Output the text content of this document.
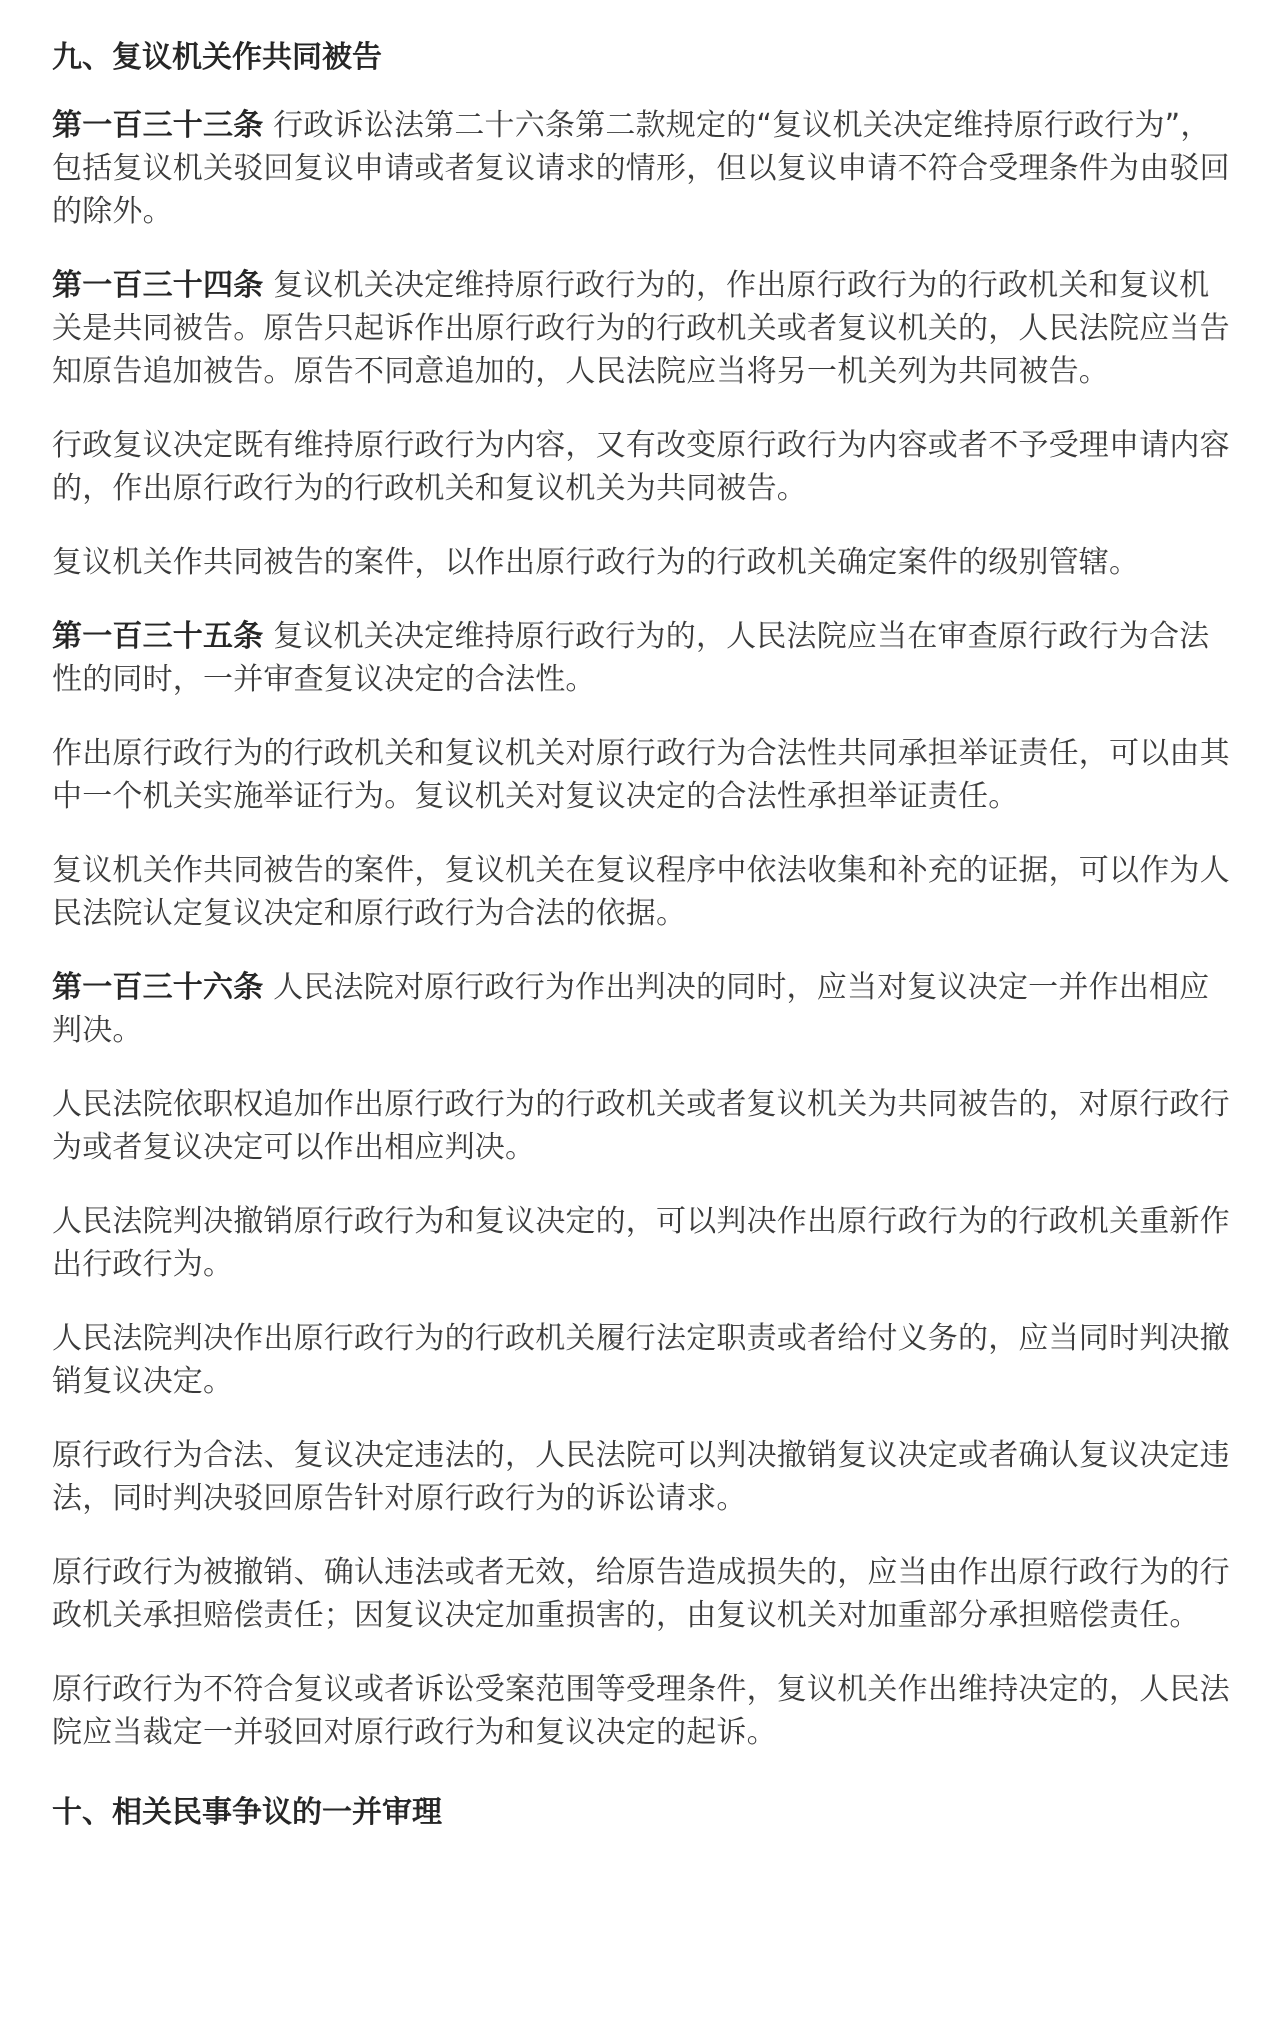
九、复议机关作共同被告

第一百三十三条 行政诉讼法第二十六条第二款规定的“复议机关决定维持原行政行为”，包括复议机关驳回复议申请或者复议请求的情形，但以复议申请不符合受理条件为由驳回的除外。

第一百三十四条 复议机关决定维持原行政行为的，作出原行政行为的行政机关和复议机关是共同被告。原告只起诉作出原行政行为的行政机关或者复议机关的，人民法院应当告知原告追加被告。原告不同意追加的，人民法院应当将另一机关列为共同被告。

行政复议决定既有维持原行政行为内容，又有改变原行政行为内容或者不予受理申请内容的，作出原行政行为的行政机关和复议机关为共同被告。

复议机关作共同被告的案件，以作出原行政行为的行政机关确定案件的级别管辖。

第一百三十五条 复议机关决定维持原行政行为的，人民法院应当在审查原行政行为合法性的同时，一并审查复议决定的合法性。

作出原行政行为的行政机关和复议机关对原行政行为合法性共同承担举证责任，可以由其中一个机关实施举证行为。复议机关对复议决定的合法性承担举证责任。

复议机关作共同被告的案件，复议机关在复议程序中依法收集和补充的证据，可以作为人民法院认定复议决定和原行政行为合法的依据。

第一百三十六条 人民法院对原行政行为作出判决的同时，应当对复议决定一并作出相应判决。

人民法院依职权追加作出原行政行为的行政机关或者复议机关为共同被告的，对原行政行为或者复议决定可以作出相应判决。

人民法院判决撤销原行政行为和复议决定的，可以判决作出原行政行为的行政机关重新作出行政行为。

人民法院判决作出原行政行为的行政机关履行法定职责或者给付义务的，应当同时判决撤销复议决定。

原行政行为合法、复议决定违法的，人民法院可以判决撤销复议决定或者确认复议决定违法，同时判决驳回原告针对原行政行为的诉讼请求。

原行政行为被撤销、确认违法或者无效，给原告造成损失的，应当由作出原行政行为的行政机关承担赔偿责任；因复议决定加重损害的，由复议机关对加重部分承担赔偿责任。

原行政行为不符合复议或者诉讼受案范围等受理条件，复议机关作出维持决定的，人民法院应当裁定一并驳回对原行政行为和复议决定的起诉。

十、相关民事争议的一并审理
